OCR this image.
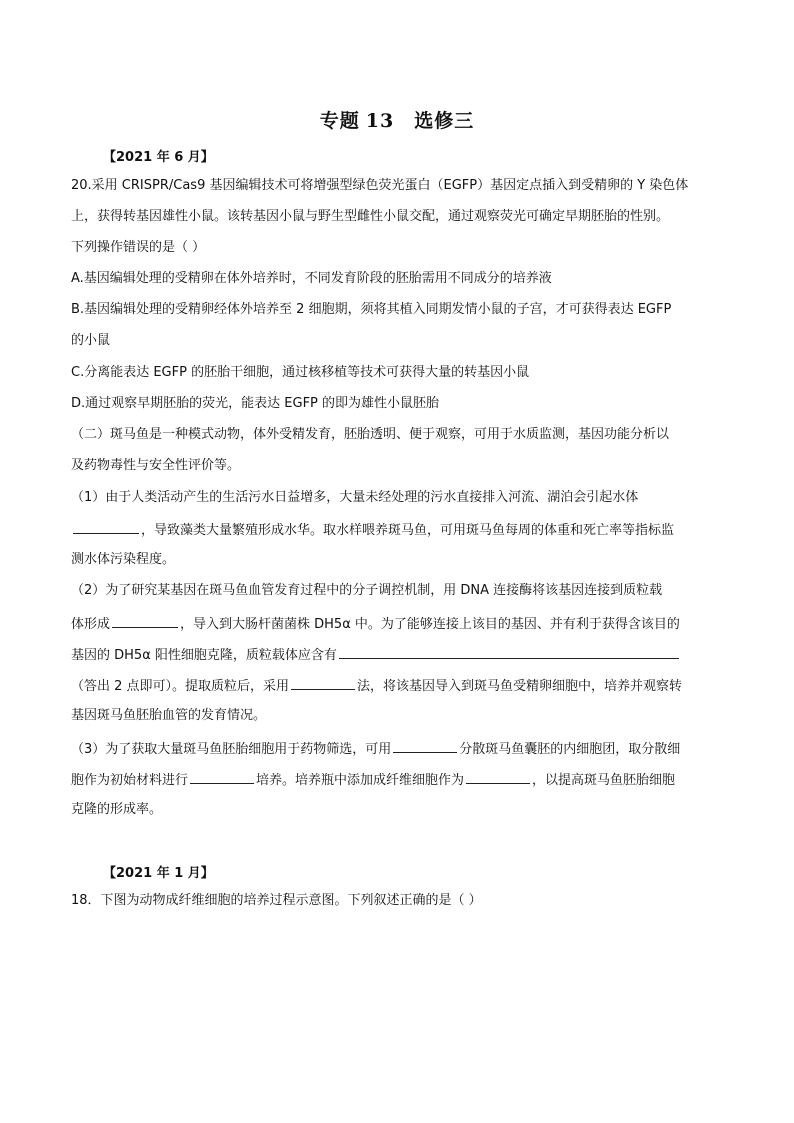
专题 13 选修三
【2021 年 6 月】
20.采用 CRISPR/Cas9 基因编辑技术可将增强型绿色荧光蛋白（EGFP）基因定点插入到受精卵的 Y 染色体
上，获得转基因雄性小鼠。该转基因小鼠与野生型雌性小鼠交配，通过观察荧光可确定早期胚胎的性别。
下列操作错误的是（ ）
A.基因编辑处理的受精卵在体外培养时，不同发育阶段的胚胎需用不同成分的培养液
B.基因编辑处理的受精卵经体外培养至 2 细胞期，须将其植入同期发情小鼠的子宫，才可获得表达 EGFP
的小鼠
C.分离能表达 EGFP 的胚胎干细胞，通过核移植等技术可获得大量的转基因小鼠
D.通过观察早期胚胎的荧光，能表达 EGFP 的即为雄性小鼠胚胎
（二）斑马鱼是一种模式动物，体外受精发育，胚胎透明、便于观察，可用于水质监测，基因功能分析以
及药物毒性与安全性评价等。
（1）由于人类活动产生的生活污水日益增多，大量未经处理的污水直接排入河流、湖泊会引起水体
，导致藻类大量繁殖形成水华。取水样喂养斑马鱼，可用斑马鱼每周的体重和死亡率等指标监
测水体污染程度。
（2）为了研究某基因在斑马鱼血管发育过程中的分子调控机制，用 DNA 连接酶将该基因连接到质粒载
体形成	，导入到大肠杆菌菌株 DH5α 中。为了能够连接上该目的基因、并有利于获得含该目的
基因的 DH5α 阳性细胞克隆，质粒载体应含有
（答出 2 点即可）。提取质粒后，采用	法，将该基因导入到斑马鱼受精卵细胞中，培养并观察转
基因斑马鱼胚胎血管的发育情况。
（3）为了获取大量斑马鱼胚胎细胞用于药物筛选，可用	分散斑马鱼囊胚的内细胞团，取分散细
胞作为初始材料进行	培养。培养瓶中添加成纤维细胞作为	，以提高斑马鱼胚胎细胞
克隆的形成率。
【2021 年 1 月】
18．下图为动物成纤维细胞的培养过程示意图。下列叙述正确的是（ ）
